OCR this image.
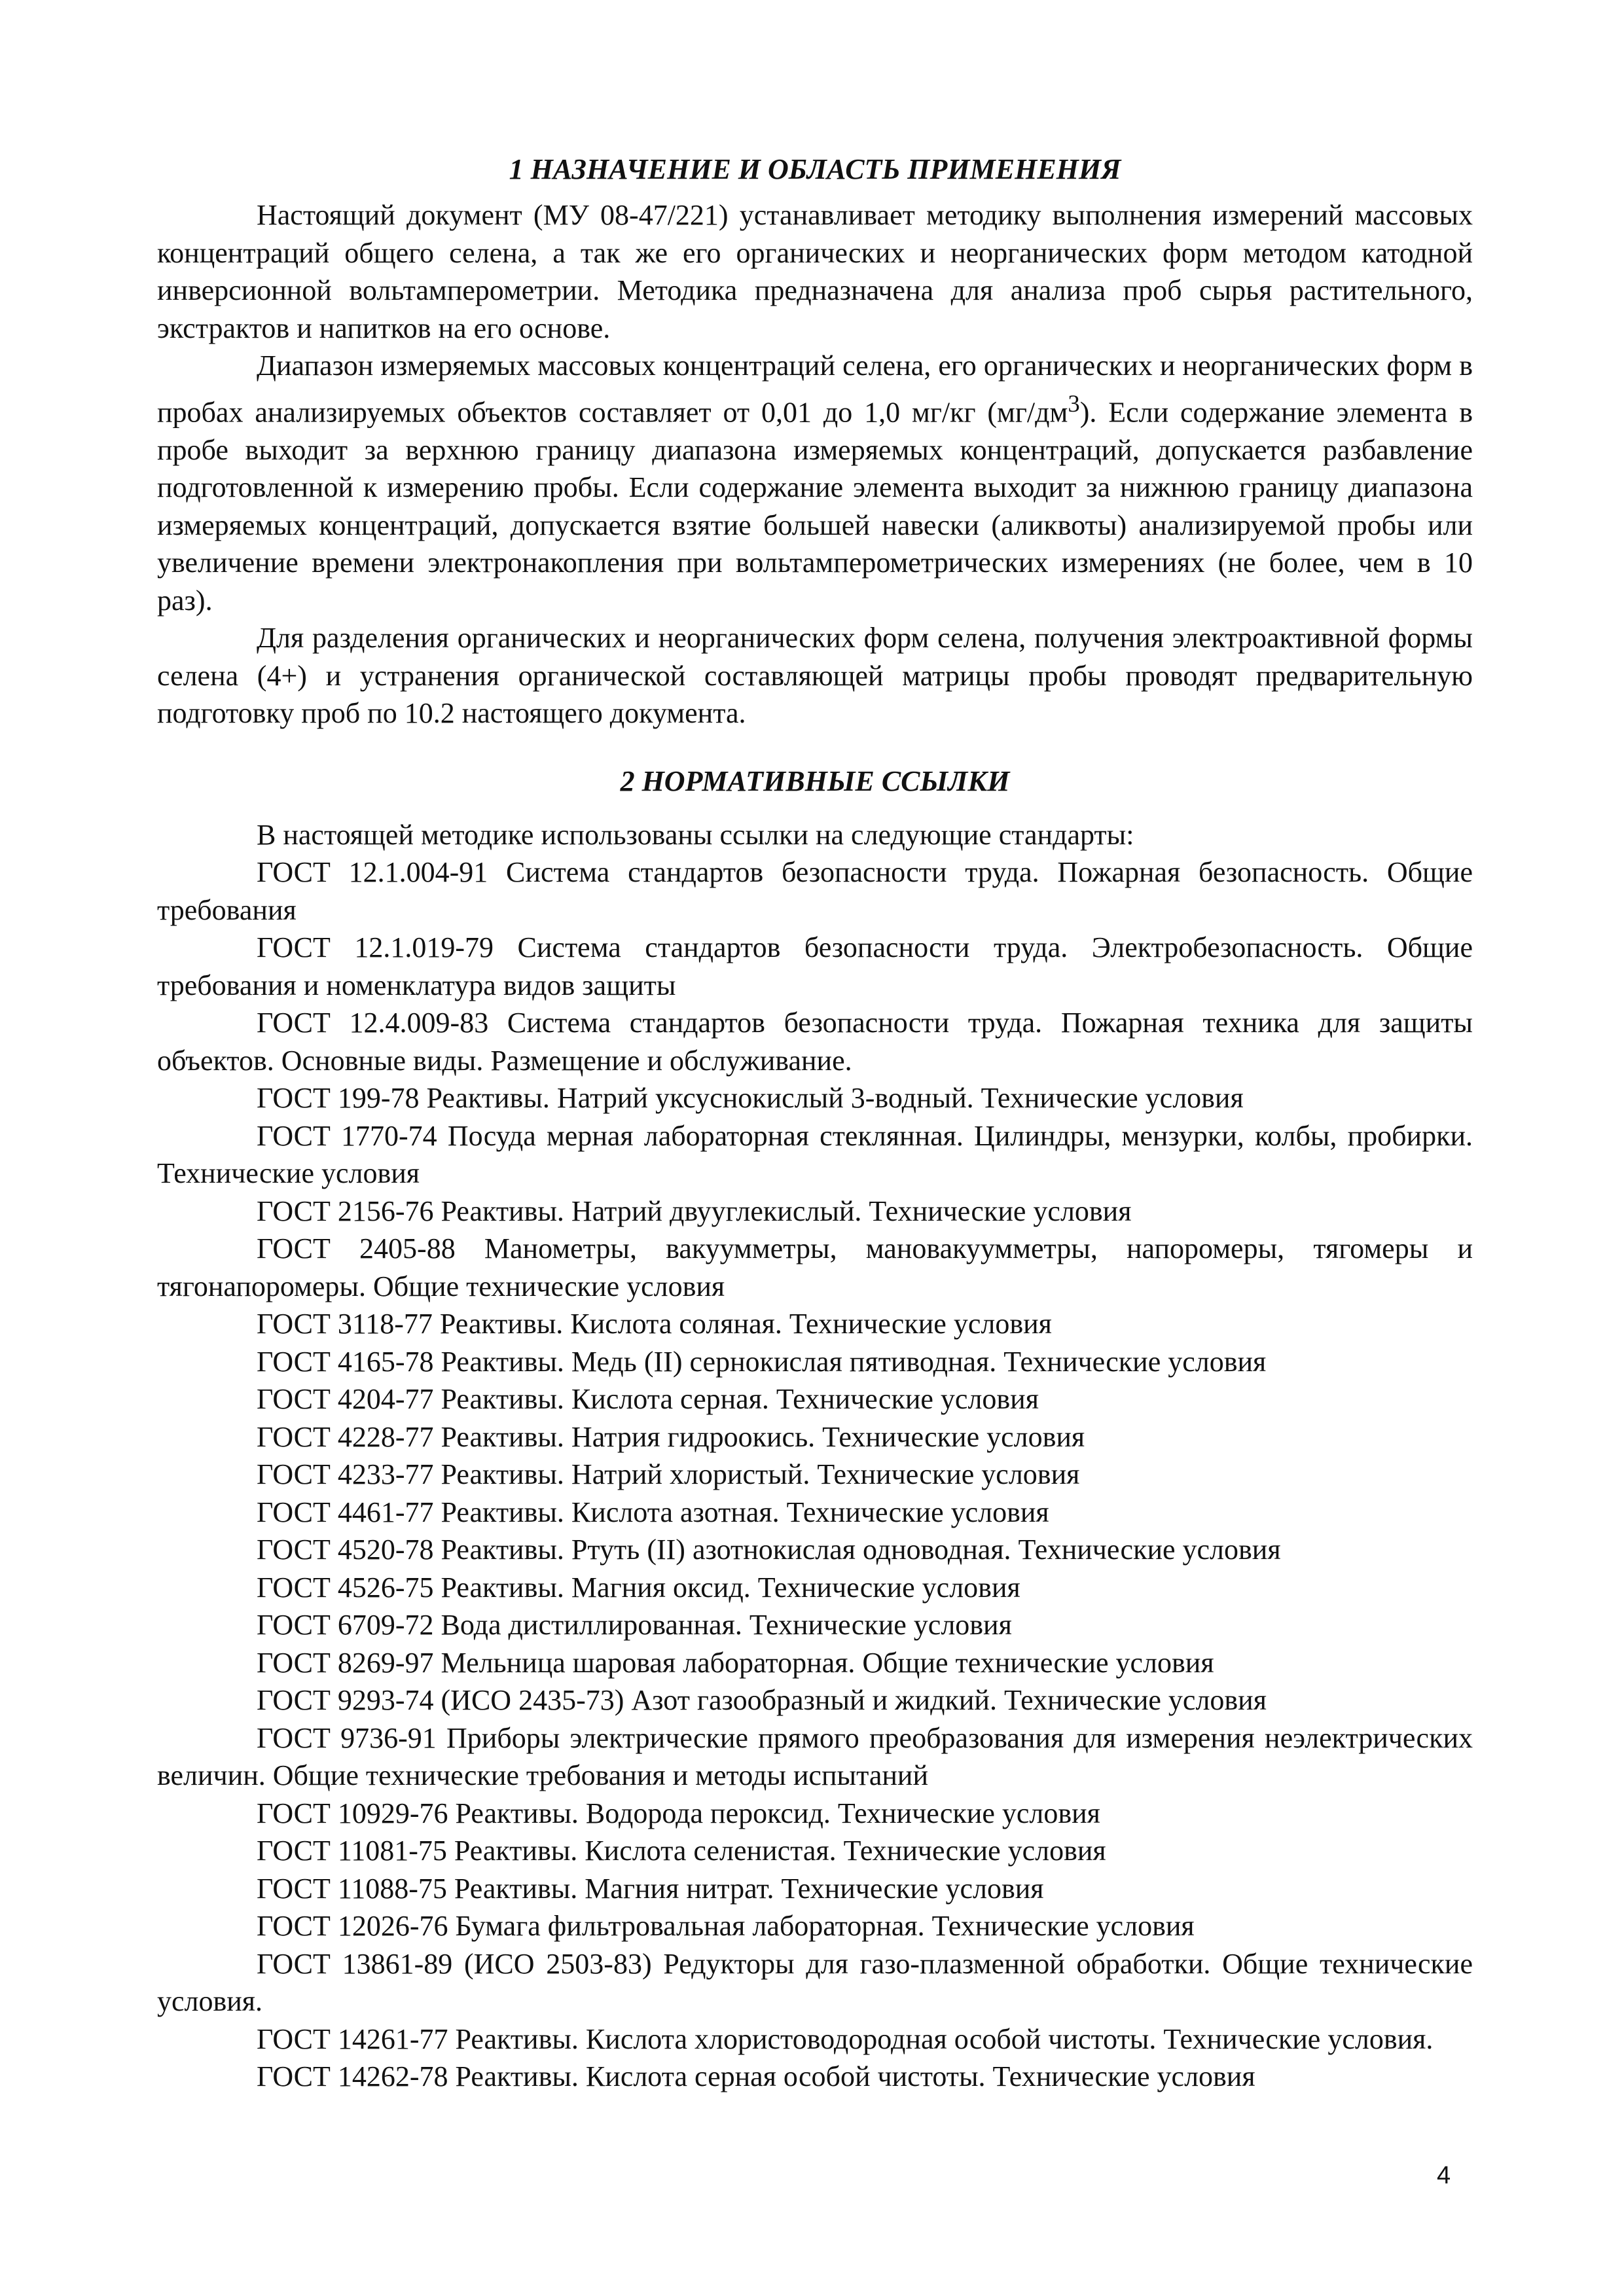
1 НАЗНАЧЕНИЕ И ОБЛАСТЬ ПРИМЕНЕНИЯ

Настоящий документ (МУ 08-47/221) устанавливает методику выполнения измерений массовых концентраций общего селена, а так же его органических и неорганических форм методом катодной инверсионной вольтамперометрии. Методика предназначена для анализа проб сырья растительного, экстрактов и напитков на его основе.

Диапазон измеряемых массовых концентраций селена, его органических и неорганических форм в пробах анализируемых объектов составляет от 0,01 до 1,0 мг/кг $(мг/дм^3)$. Если содержание элемента в пробе выходит за верхнюю границу диапазона измеряемых концентраций, допускается разбавление подготовленной к измерению пробы. Если содержание элемента выходит за нижнюю границу диапазона измеряемых концентраций, допускается взятие большей навески (аликвоты) анализируемой пробы или увеличение времени электронакопления при вольтамперометрических измерениях (не более, чем в 10 раз).

Для разделения органических и неорганических форм селена, получения электроактивной формы селена (4+) и устранения органической составляющей матрицы пробы проводят предварительную подготовку проб по 10.2 настоящего документа.

2 НОРМАТИВНЫЕ ССЫЛКИ

В настоящей методике использованы ссылки на следующие стандарты:

ГОСТ 12.1.004-91 Система стандартов безопасности труда. Пожарная безопасность. Общие требования

ГОСТ 12.1.019-79 Система стандартов безопасности труда. Электробезопасность. Общие требования и номенклатура видов защиты

ГОСТ 12.4.009-83 Система стандартов безопасности труда. Пожарная техника для защиты объектов. Основные виды. Размещение и обслуживание.

ГОСТ 199-78 Реактивы. Натрий уксуснокислый 3-водный. Технические условия

ГОСТ 1770-74 Посуда мерная лабораторная стеклянная. Цилиндры, мензурки, колбы, пробирки. Технические условия

ГОСТ 2156-76 Реактивы. Натрий двууглекислый. Технические условия

ГОСТ 2405-88 Манометры, вакуумметры, мановакуумметры, напоромеры, тягомеры и тягонапоромеры. Общие технические условия

ГОСТ 3118-77 Реактивы. Кислота соляная. Технические условия

ГОСТ 4165-78 Реактивы. Медь (II) сернокислая пятиводная. Технические условия

ГОСТ 4204-77 Реактивы. Кислота серная. Технические условия

ГОСТ 4228-77 Реактивы. Натрия гидроокись. Технические условия

ГОСТ 4233-77 Реактивы. Натрий хлористый. Технические условия

ГОСТ 4461-77 Реактивы. Кислота азотная. Технические условия

ГОСТ 4520-78 Реактивы. Ртуть (II) азотнокислая одноводная. Технические условия

ГОСТ 4526-75 Реактивы. Магния оксид. Технические условия

ГОСТ 6709-72 Вода дистиллированная. Технические условия

ГОСТ 8269-97 Мельница шаровая лабораторная. Общие технические условия

ГОСТ 9293-74 (ИСО 2435-73) Азот газообразный и жидкий. Технические условия

ГОСТ 9736-91 Приборы электрические прямого преобразования для измерения неэлектрических величин. Общие технические требования и методы испытаний

ГОСТ 10929-76 Реактивы. Водорода пероксид. Технические условия

ГОСТ 11081-75 Реактивы. Кислота селенистая. Технические условия

ГОСТ 11088-75 Реактивы. Магния нитрат. Технические условия

ГОСТ 12026-76 Бумага фильтровальная лабораторная. Технические условия

ГОСТ 13861-89 (ИСО 2503-83) Редукторы для газо-плазменной обработки. Общие технические условия.

ГОСТ 14261-77 Реактивы. Кислота хлористоводородная особой чистоты. Технические условия.

ГОСТ 14262-78 Реактивы. Кислота серная особой чистоты. Технические условия

4
